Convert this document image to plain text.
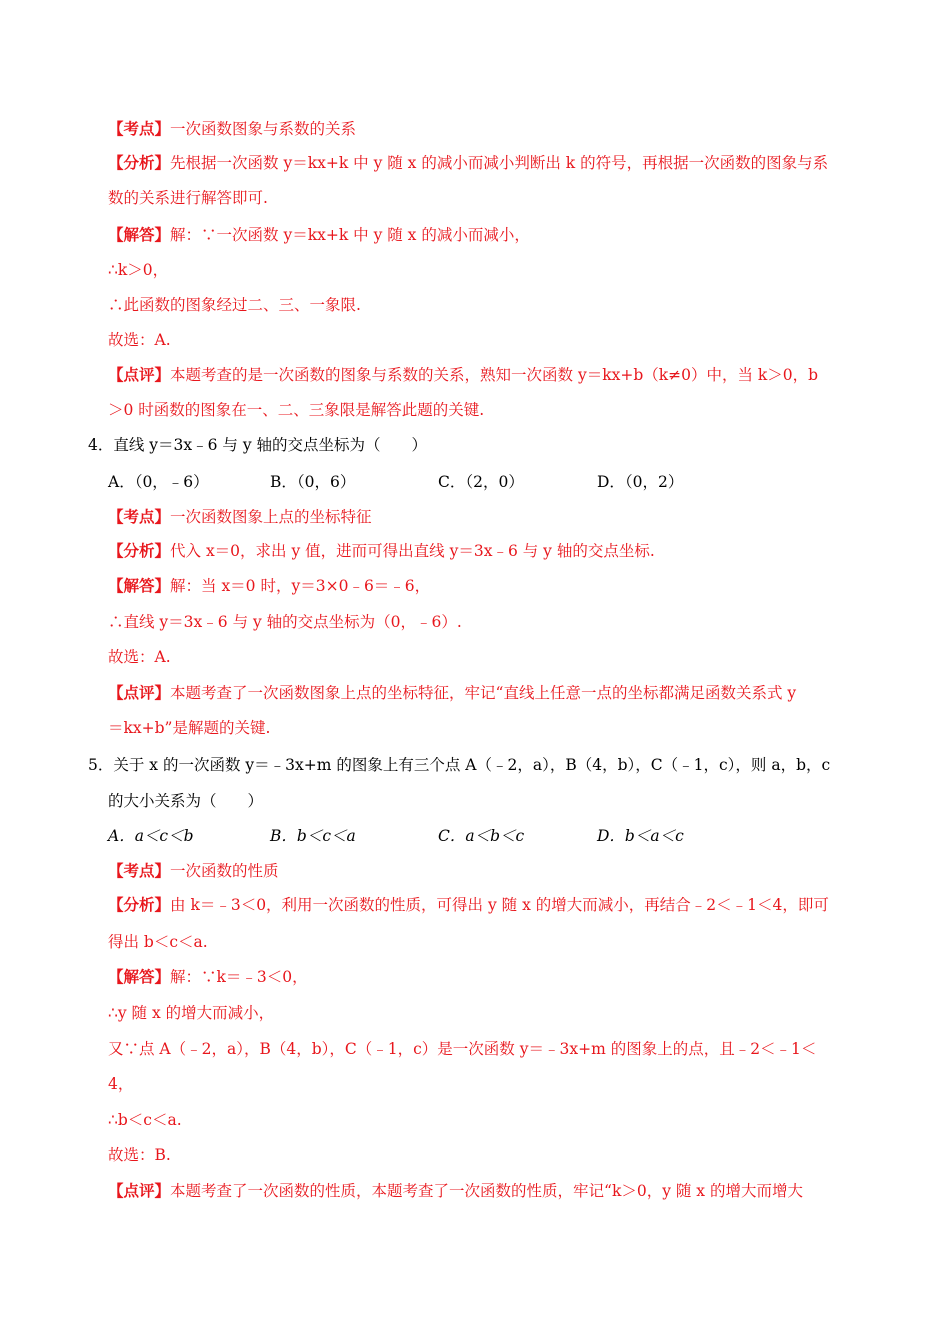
【考点】一次函数图象与系数的关系
【分析】先根据一次函数 y＝kx+k 中 y 随 x 的减小而减小判断出 k 的符号，再根据一次函数的图象与系
数的关系进行解答即可.
【解答】解：∵一次函数 y＝kx+k 中 y 随 x 的减小而减小，
∴k＞0，
∴此函数的图象经过二、三、一象限.
故选：A.
【点评】本题考查的是一次函数的图象与系数的关系，熟知一次函数 y＝kx+b（k≠0）中，当 k＞0，b
＞0 时函数的图象在一、二、三象限是解答此题的关键.
4．直线 y＝3x﹣6 与 y 轴的交点坐标为（　　）
A．（0，﹣6）	B．（0，6）	C．（2，0）	D．（0，2）
【考点】一次函数图象上点的坐标特征
【分析】代入 x＝0，求出 y 值，进而可得出直线 y＝3x﹣6 与 y 轴的交点坐标.
【解答】解：当 x＝0 时，y＝3×0﹣6＝﹣6，
∴直线 y＝3x﹣6 与 y 轴的交点坐标为（0，﹣6）.
故选：A.
【点评】本题考查了一次函数图象上点的坐标特征，牢记“直线上任意一点的坐标都满足函数关系式 y
＝kx+b”是解题的关键.
5．关于 x 的一次函数 y＝﹣3x+m 的图象上有三个点 A（﹣2，a），B（4，b），C（﹣1，c），则 a，b，c
的大小关系为（　　）
A．a＜c＜b	B．b＜c＜a	C．a＜b＜c	D．b＜a＜c
【考点】一次函数的性质
【分析】由 k＝﹣3＜0，利用一次函数的性质，可得出 y 随 x 的增大而减小，再结合﹣2＜﹣1＜4，即可
得出 b＜c＜a.
【解答】解：∵k＝﹣3＜0，
∴y 随 x 的增大而减小，
又∵点 A（﹣2，a），B（4，b），C（﹣1，c）是一次函数 y＝﹣3x+m 的图象上的点，且﹣2＜﹣1＜
4，
∴b＜c＜a.
故选：B.
【点评】本题考查了一次函数的性质，本题考查了一次函数的性质，牢记“k＞0，y 随 x 的增大而增大
